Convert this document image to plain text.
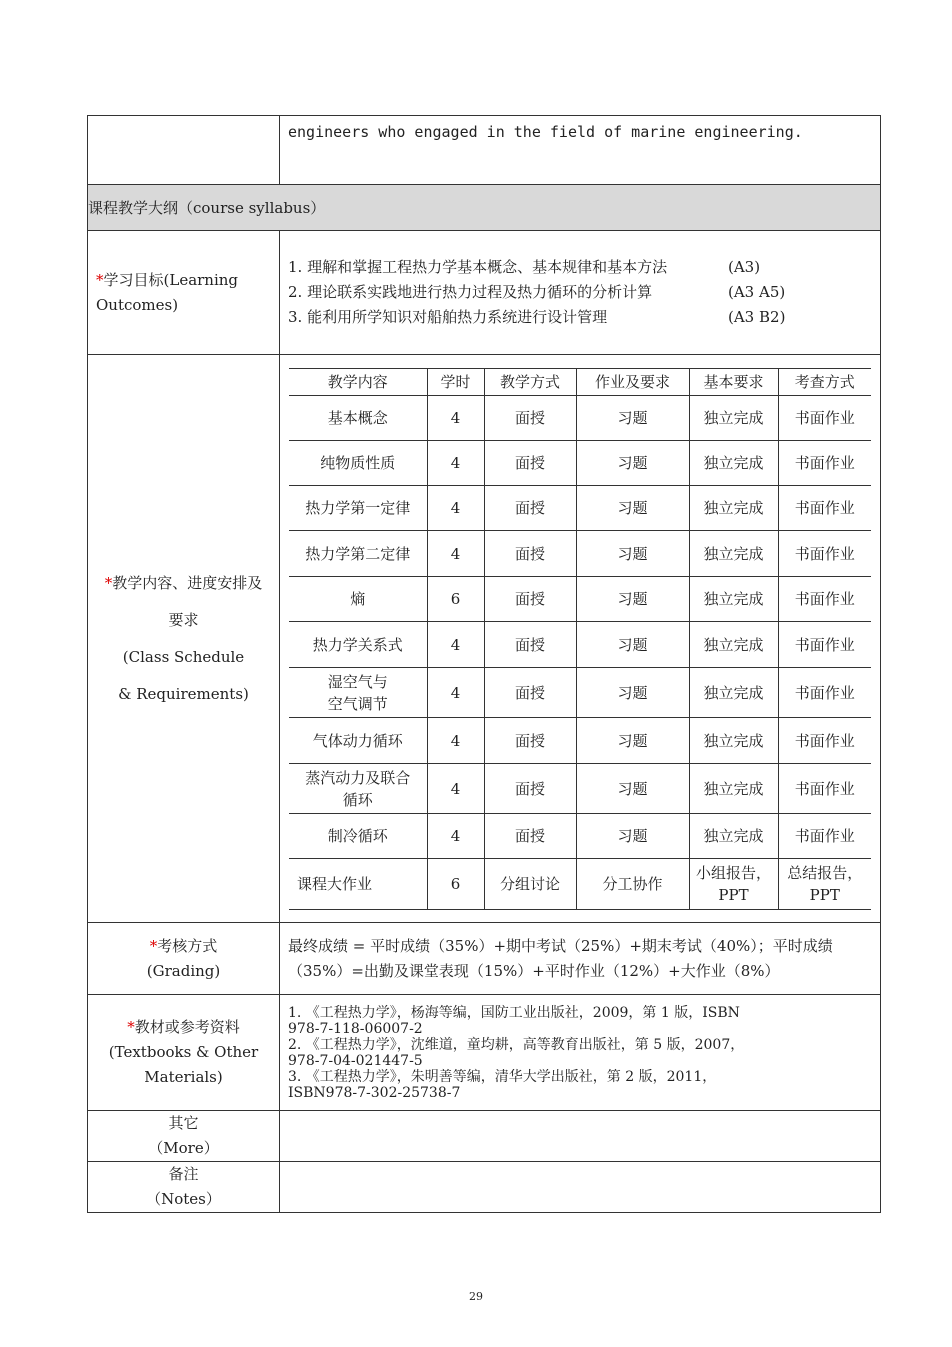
engineers who engaged in the field of marine engineering.

课程教学大纲（course syllabus）
*学习目标(Learning
Outcomes)	
1. 理解和掌握工程热力学基本概念、基本规律和基本方法	(A3)
2. 理论联系实践地进行热力过程及热力循环的分析计算	(A3 A5)
3. 能利用所学知识对船舶热力系统进行设计管理	(A3 B2)

*教学内容、进度安排及
要求
(Class Schedule
& Requirements)	
教学内容	学时	教学方式	作业及要求	基本要求	考查方式
基本概念	4	面授	习题	独立完成	书面作业
纯物质性质	4	面授	习题	独立完成	书面作业
热力学第一定律	4	面授	习题	独立完成	书面作业
热力学第二定律	4	面授	习题	独立完成	书面作业
熵	6	面授	习题	独立完成	书面作业
热力学关系式	4	面授	习题	独立完成	书面作业
湿空气与
空气调节	4	面授	习题	独立完成	书面作业
气体动力循环	4	面授	习题	独立完成	书面作业
蒸汽动力及联合
循环	4	面授	习题	独立完成	书面作业
制冷循环	4	面授	习题	独立完成	书面作业
课程大作业	6	分组讨论	分工协作	小组报告，
PPT	总结报告，
PPT

*考核方式
(Grading)	
最终成绩 = 平时成绩（35%）+期中考试（25%）+期末考试（40%）；平时成绩
（35%）=出勤及课堂表现（15%）+平时作业（12%）+大作业（8%）

*教材或参考资料
(Textbooks & Other
Materials)	
1. 《工程热力学》，杨海等编，国防工业出版社，2009，第 1 版，ISBN
978-7-118-06007-2
2. 《工程热力学》，沈维道，童均耕，高等教育出版社，第 5 版，2007，
978-7-04-021447-5
3. 《工程热力学》，朱明善等编，清华大学出版社，第 2 版，2011，
ISBN978-7-302-25738-7

其它
（More）	
备注
（Notes）	
29
